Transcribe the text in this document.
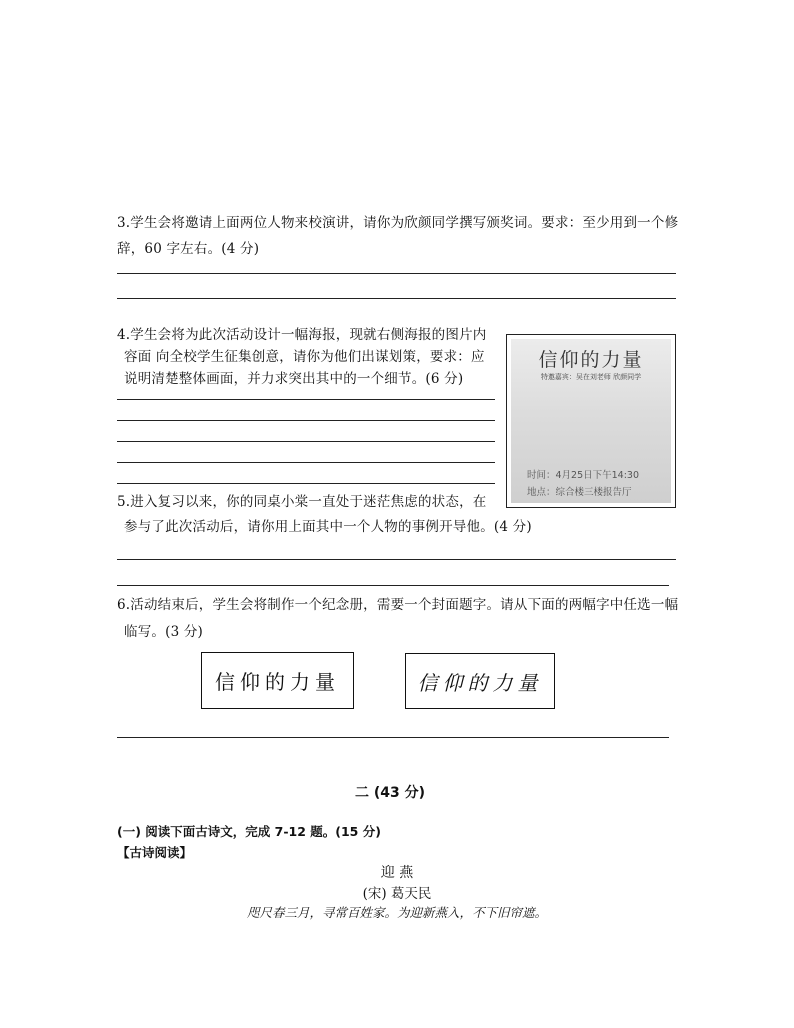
3.学生会将邀请上面两位人物来校演讲，请你为欣颜同学撰写颁奖词。要求：至少用到一个修
辞，60 字左右。(4 分)
4.学生会将为此次活动设计一幅海报，现就右侧海报的图片内
容面 向全校学生征集创意，请你为他们出谋划策，要求：应
说明清楚整体画面，并力求突出其中的一个细节。(6 分)
信仰的力量
特邀嘉宾：吴在刘老师 欣颜同学
时间：4月25日下午14:30
地点：综合楼三楼报告厅
5.进入复习以来，你的同桌小棠一直处于迷茫焦虑的状态，在
参与了此次活动后，请你用上面其中一个人物的事例开导他。(4 分)
6.活动结束后，学生会将制作一个纪念册，需要一个封面题字。请从下面的两幅字中任选一幅
临写。(3 分)
信仰的力量	信仰的力量
二 (43 分)
(一) 阅读下面古诗文，完成 7-12 题。(15 分)
【古诗阅读】
迎 燕
(宋) 葛天民
咫尺春三月，寻常百姓家。为迎新燕入，不下旧帘遮。
